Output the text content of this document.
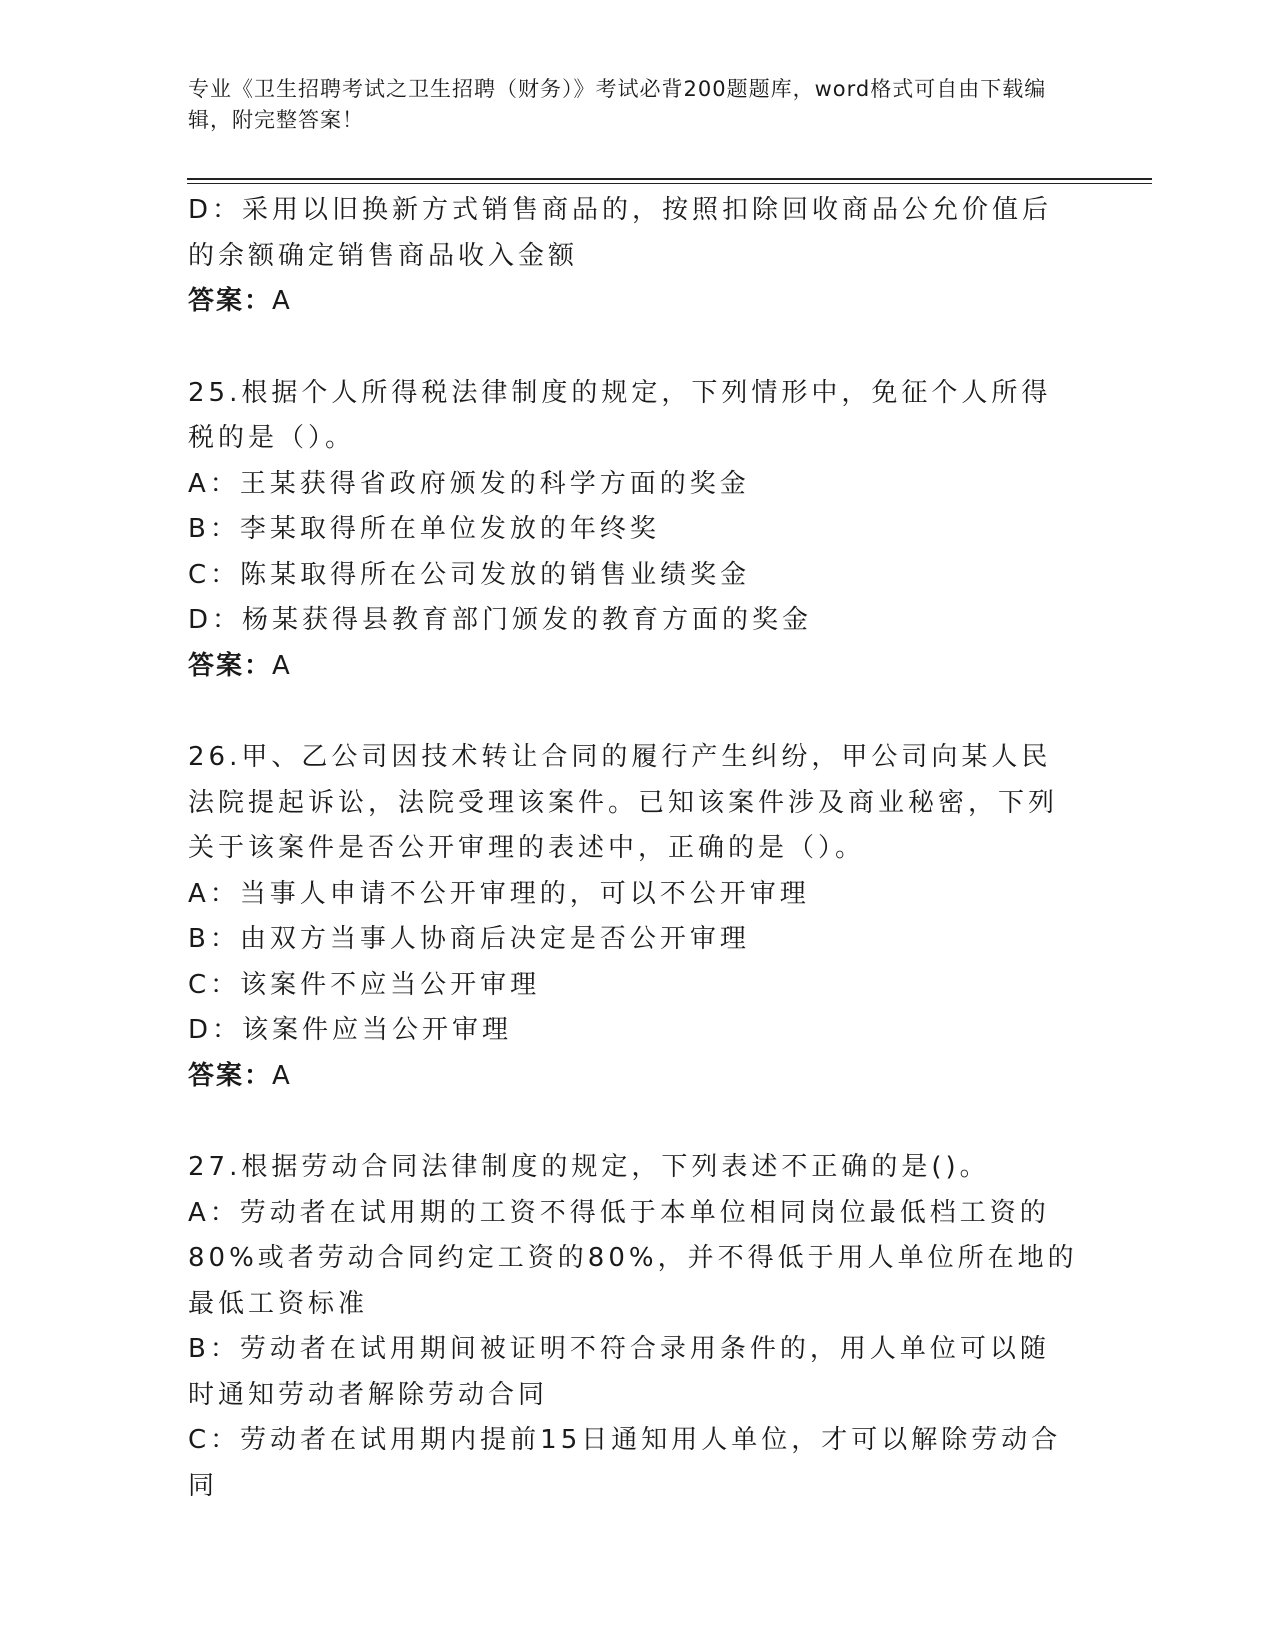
专业《卫生招聘考试之卫生招聘（财务）》考试必背200题题库，word格式可自由下载编辑，附完整答案！
D：采用以旧换新方式销售商品的，按照扣除回收商品公允价值后的余额确定销售商品收入金额
答案：A
25.根据个人所得税法律制度的规定，下列情形中，免征个人所得税的是（）。
A：王某获得省政府颁发的科学方面的奖金
B：李某取得所在单位发放的年终奖
C：陈某取得所在公司发放的销售业绩奖金
D：杨某获得县教育部门颁发的教育方面的奖金
答案：A
26.甲、乙公司因技术转让合同的履行产生纠纷，甲公司向某人民法院提起诉讼，法院受理该案件。已知该案件涉及商业秘密，下列关于该案件是否公开审理的表述中，正确的是（）。
A：当事人申请不公开审理的，可以不公开审理
B：由双方当事人协商后决定是否公开审理
C：该案件不应当公开审理
D：该案件应当公开审理
答案：A
27.根据劳动合同法律制度的规定，下列表述不正确的是()。
A：劳动者在试用期的工资不得低于本单位相同岗位最低档工资的80%或者劳动合同约定工资的80%，并不得低于用人单位所在地的最低工资标准
B：劳动者在试用期间被证明不符合录用条件的，用人单位可以随时通知劳动者解除劳动合同
C：劳动者在试用期内提前15日通知用人单位，才可以解除劳动合同
